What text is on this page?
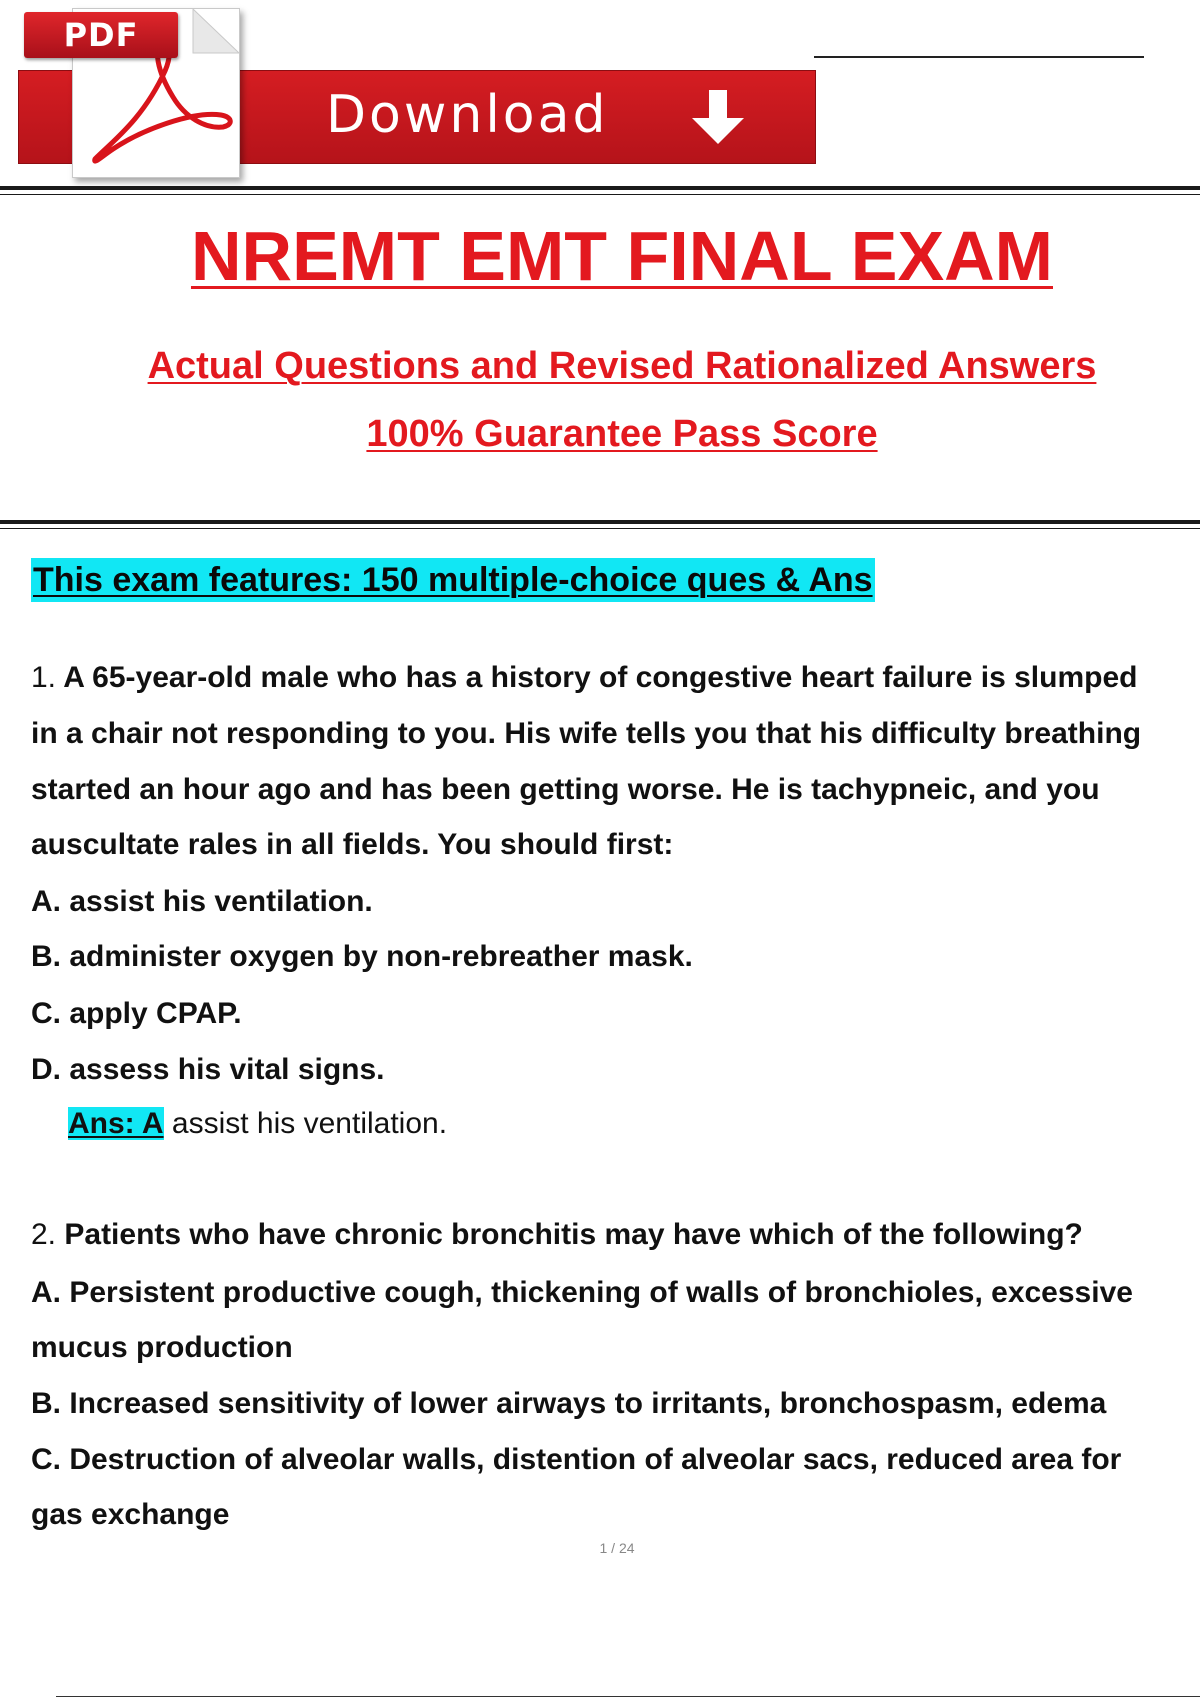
Download
PDF
NREMT EMT FINAL EXAM
Actual Questions and Revised Rationalized Answers
100% Guarantee Pass Score
This exam features: 150 multiple-choice ques & Ans
1. A 65-year-old male who has a history of congestive heart failure is slumped
in a chair not responding to you. His wife tells you that his difficulty breathing
started an hour ago and has been getting worse. He is tachypneic, and you
auscultate rales in all fields. You should first:
A. assist his ventilation.
B. administer oxygen by non-rebreather mask.
C. apply CPAP.
D. assess his vital signs.
Ans: A assist his ventilation.
2. Patients who have chronic bronchitis may have which of the following?
A. Persistent productive cough, thickening of walls of bronchioles, excessive
mucus production
B. Increased sensitivity of lower airways to irritants, bronchospasm, edema
C. Destruction of alveolar walls, distention of alveolar sacs, reduced area for
gas exchange
1 / 24
